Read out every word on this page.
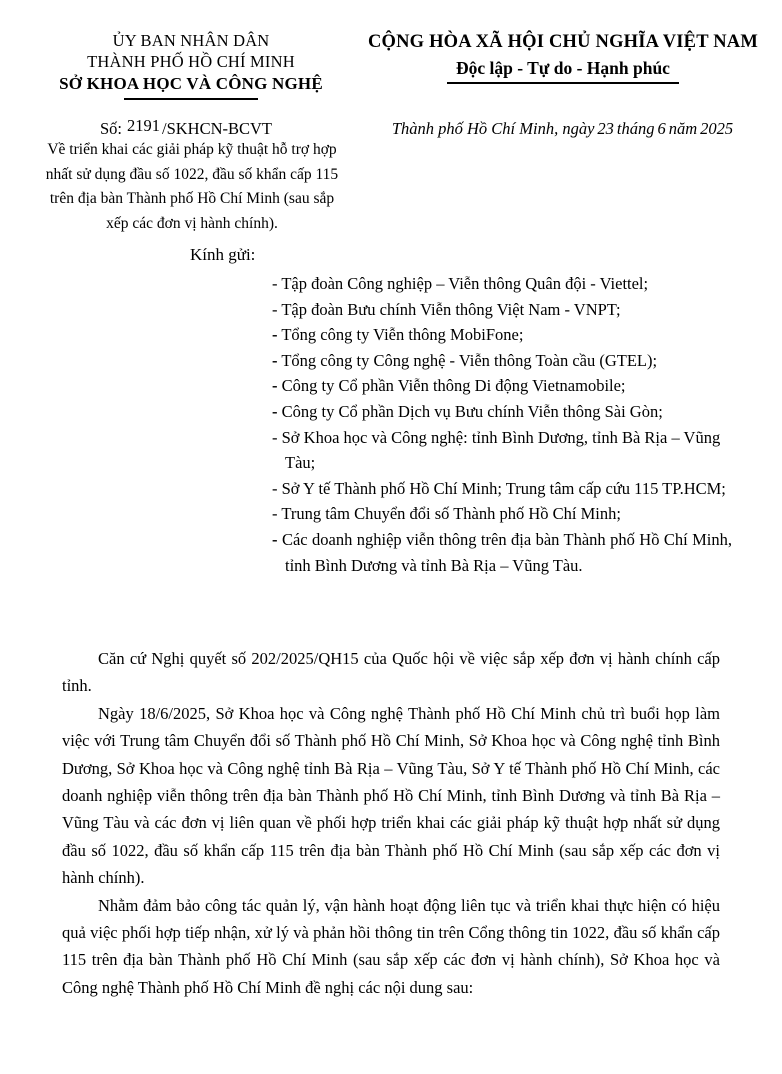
ỦY BAN NHÂN DÂN
THÀNH PHỐ HỒ CHÍ MINH
SỞ KHOA HỌC VÀ CÔNG NGHỆ
CỘNG HÒA XÃ HỘI CHỦ NGHĨA VIỆT NAM
Độc lập - Tự do - Hạnh phúc
Số: 2191 /SKHCN-BCVT	Thành phố Hồ Chí Minh, ngày 23 tháng 6 năm 2025
Về triển khai các giải pháp kỹ thuật hỗ trợ hợp nhất sử dụng đầu số 1022, đầu số khẩn cấp 115 trên địa bàn Thành phố Hồ Chí Minh (sau sắp xếp các đơn vị hành chính).
Kính gửi:
- Tập đoàn Công nghiệp – Viễn thông Quân đội - Viettel;
- Tập đoàn Bưu chính Viễn thông Việt Nam - VNPT;
- Tổng công ty Viễn thông MobiFone;
- Tổng công ty Công nghệ - Viễn thông Toàn cầu (GTEL);
- Công ty Cổ phần Viễn thông Di động Vietnamobile;
- Công ty Cổ phần Dịch vụ Bưu chính Viễn thông Sài Gòn;
- Sở Khoa học và Công nghệ: tỉnh Bình Dương, tỉnh Bà Rịa – Vũng Tàu;
- Sở Y tế Thành phố Hồ Chí Minh; Trung tâm cấp cứu 115 TP.HCM;
- Trung tâm Chuyển đổi số Thành phố Hồ Chí Minh;
- Các doanh nghiệp viễn thông trên địa bàn Thành phố Hồ Chí Minh, tỉnh Bình Dương và tỉnh Bà Rịa – Vũng Tàu.

Căn cứ Nghị quyết số 202/2025/QH15 của Quốc hội về việc sắp xếp đơn vị hành chính cấp tỉnh.

Ngày 18/6/2025, Sở Khoa học và Công nghệ Thành phố Hồ Chí Minh chủ trì buổi họp làm việc với Trung tâm Chuyển đổi số Thành phố Hồ Chí Minh, Sở Khoa học và Công nghệ tỉnh Bình Dương, Sở Khoa học và Công nghệ tỉnh Bà Rịa – Vũng Tàu, Sở Y tế Thành phố Hồ Chí Minh, các doanh nghiệp viễn thông trên địa bàn Thành phố Hồ Chí Minh, tỉnh Bình Dương và tỉnh Bà Rịa – Vũng Tàu và các đơn vị liên quan về phối hợp triển khai các giải pháp kỹ thuật hợp nhất sử dụng đầu số 1022, đầu số khẩn cấp 115 trên địa bàn Thành phố Hồ Chí Minh (sau sắp xếp các đơn vị hành chính).

Nhằm đảm bảo công tác quản lý, vận hành hoạt động liên tục và triển khai thực hiện có hiệu quả việc phối hợp tiếp nhận, xử lý và phản hồi thông tin trên Cổng thông tin 1022, đầu số khẩn cấp 115 trên địa bàn Thành phố Hồ Chí Minh (sau sắp xếp các đơn vị hành chính), Sở Khoa học và Công nghệ Thành phố Hồ Chí Minh đề nghị các nội dung sau:
